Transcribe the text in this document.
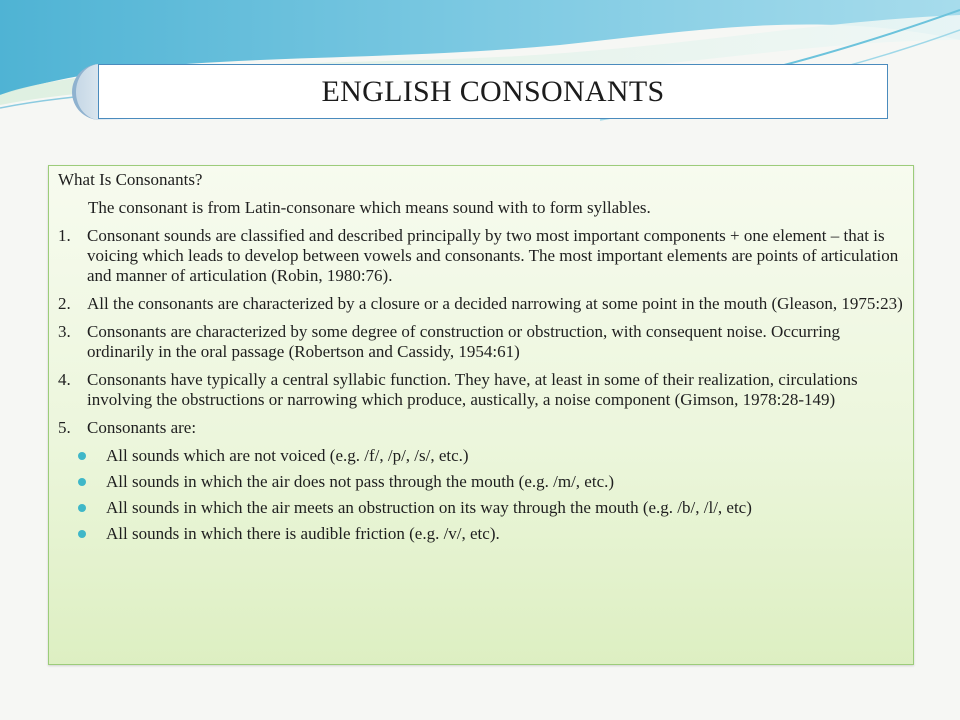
ENGLISH CONSONANTS

What Is Consonants?

The consonant is from Latin-consonare which means sound with to form syllables.

1. Consonant sounds are classified and described principally by two most important components + one element – that is voicing which leads to develop between vowels and consonants. The most important elements are points of articulation and manner of articulation (Robin, 1980:76).
2. All the consonants are characterized by a closure or a decided narrowing at some point in the mouth (Gleason, 1975:23)
3. Consonants are characterized by some degree of construction or obstruction, with consequent noise. Occurring ordinarily in the oral passage (Robertson and Cassidy, 1954:61)
4. Consonants have typically a central syllabic function. They have, at least in some of their realization, circulations involving the obstructions or narrowing which produce, austically, a noise component (Gimson, 1978:28-149)
5. Consonants are:
All sounds which are not voiced (e.g. /f/, /p/, /s/, etc.)
All sounds in which the air does not pass through the mouth (e.g. /m/, etc.)
All sounds in which the air meets an obstruction on its way through the mouth (e.g. /b/, /l/, etc)
All sounds in which there is audible friction (e.g. /v/, etc).
